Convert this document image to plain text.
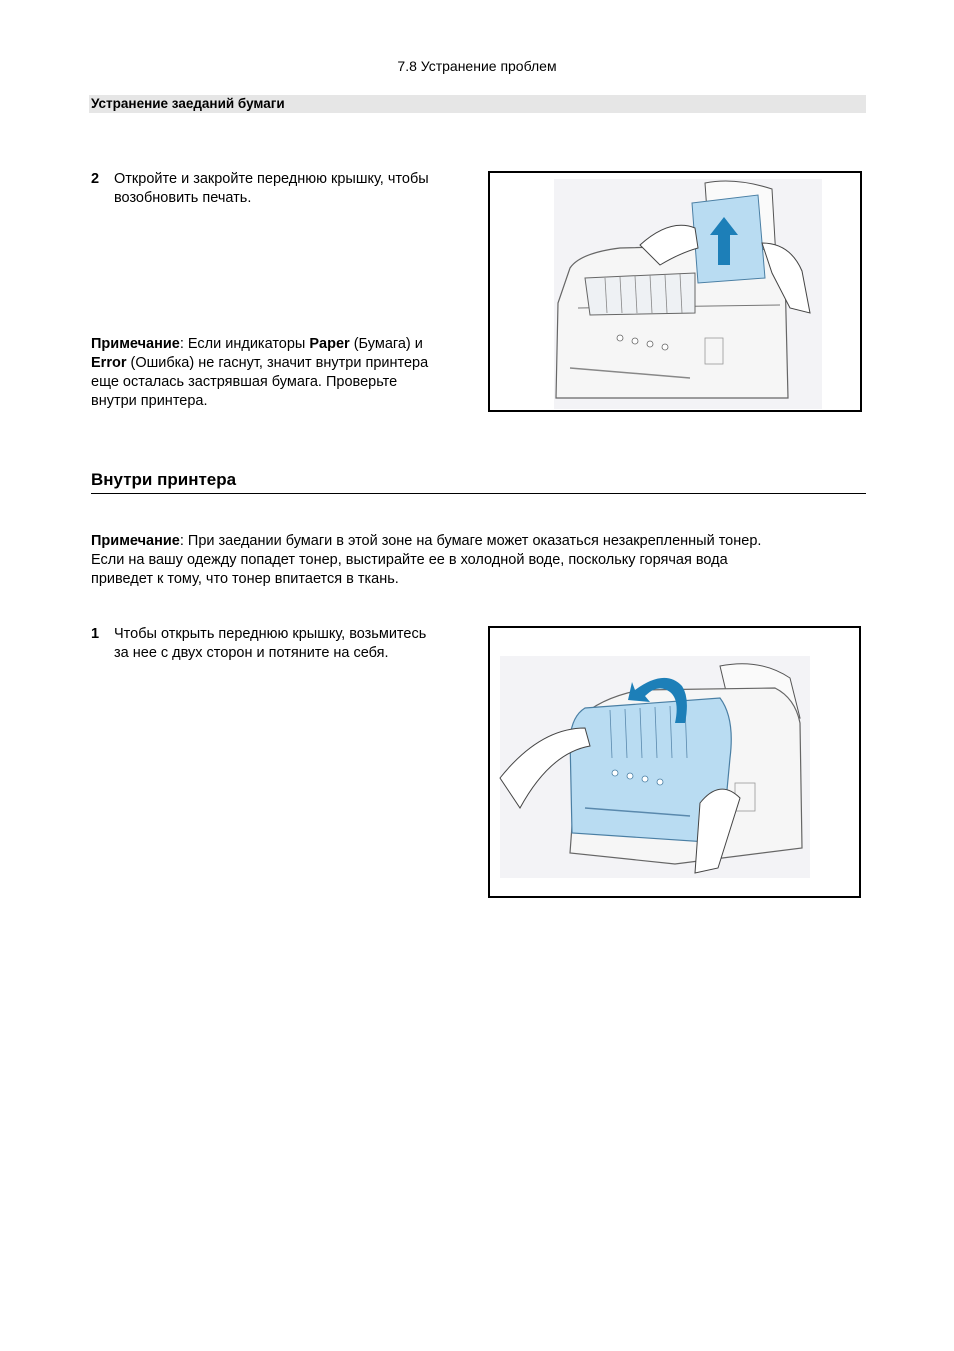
7.8 Устранение проблем
Устранение заеданий бумаги
2 Откройте и закройте переднюю крышку, чтобы
возобновить печать.
Примечание: Если индикаторы Paper (Бумага) и
Error (Ошибка) не гаснут, значит внутри принтера
еще осталась застрявшая бумага. Проверьте
внутри принтера.
Внутри принтера
Примечание: При заедании бумаги в этой зоне на бумаге может оказаться незакрепленный тонер.
Если на вашу одежду попадет тонер, выстирайте ее в холодной воде, поскольку горячая вода
приведет к тому, что тонер впитается в ткань.
1 Чтобы открыть переднюю крышку, возьмитесь
за нее с двух сторон и потяните на себя.
